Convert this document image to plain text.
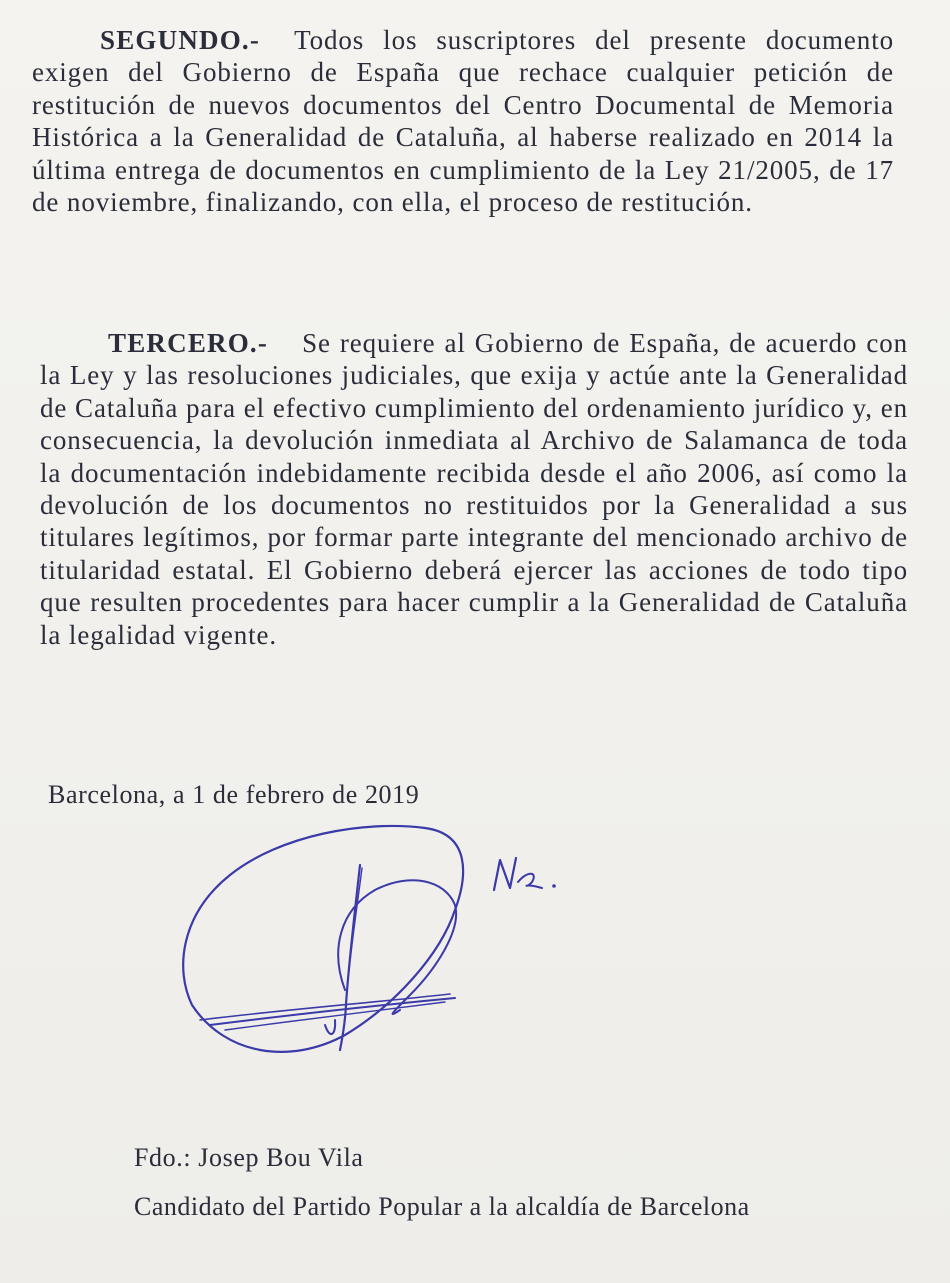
SEGUNDO.- Todos los suscriptores del presente documento exigen del Gobierno de España que rechace cualquier petición de restitución de nuevos documentos del Centro Documental de Memoria Histórica a la Generalidad de Cataluña, al haberse realizado en 2014 la última entrega de documentos en cumplimiento de la Ley 21/2005, de 17 de noviembre, finalizando, con ella, el proceso de restitución.

TERCERO.- Se requiere al Gobierno de España, de acuerdo con la Ley y las resoluciones judiciales, que exija y actúe ante la Generalidad de Cataluña para el efectivo cumplimiento del ordenamiento jurídico y, en consecuencia, la devolución inmediata al Archivo de Salamanca de toda la documentación indebidamente recibida desde el año 2006, así como la devolución de los documentos no restituidos por la Generalidad a sus titulares legítimos, por formar parte integrante del mencionado archivo de titularidad estatal. El Gobierno deberá ejercer las acciones de todo tipo que resulten procedentes para hacer cumplir a la Generalidad de Cataluña la legalidad vigente.

Barcelona, a 1 de febrero de 2019
Fdo.: Josep Bou Vila
Candidato del Partido Popular a la alcaldía de Barcelona
